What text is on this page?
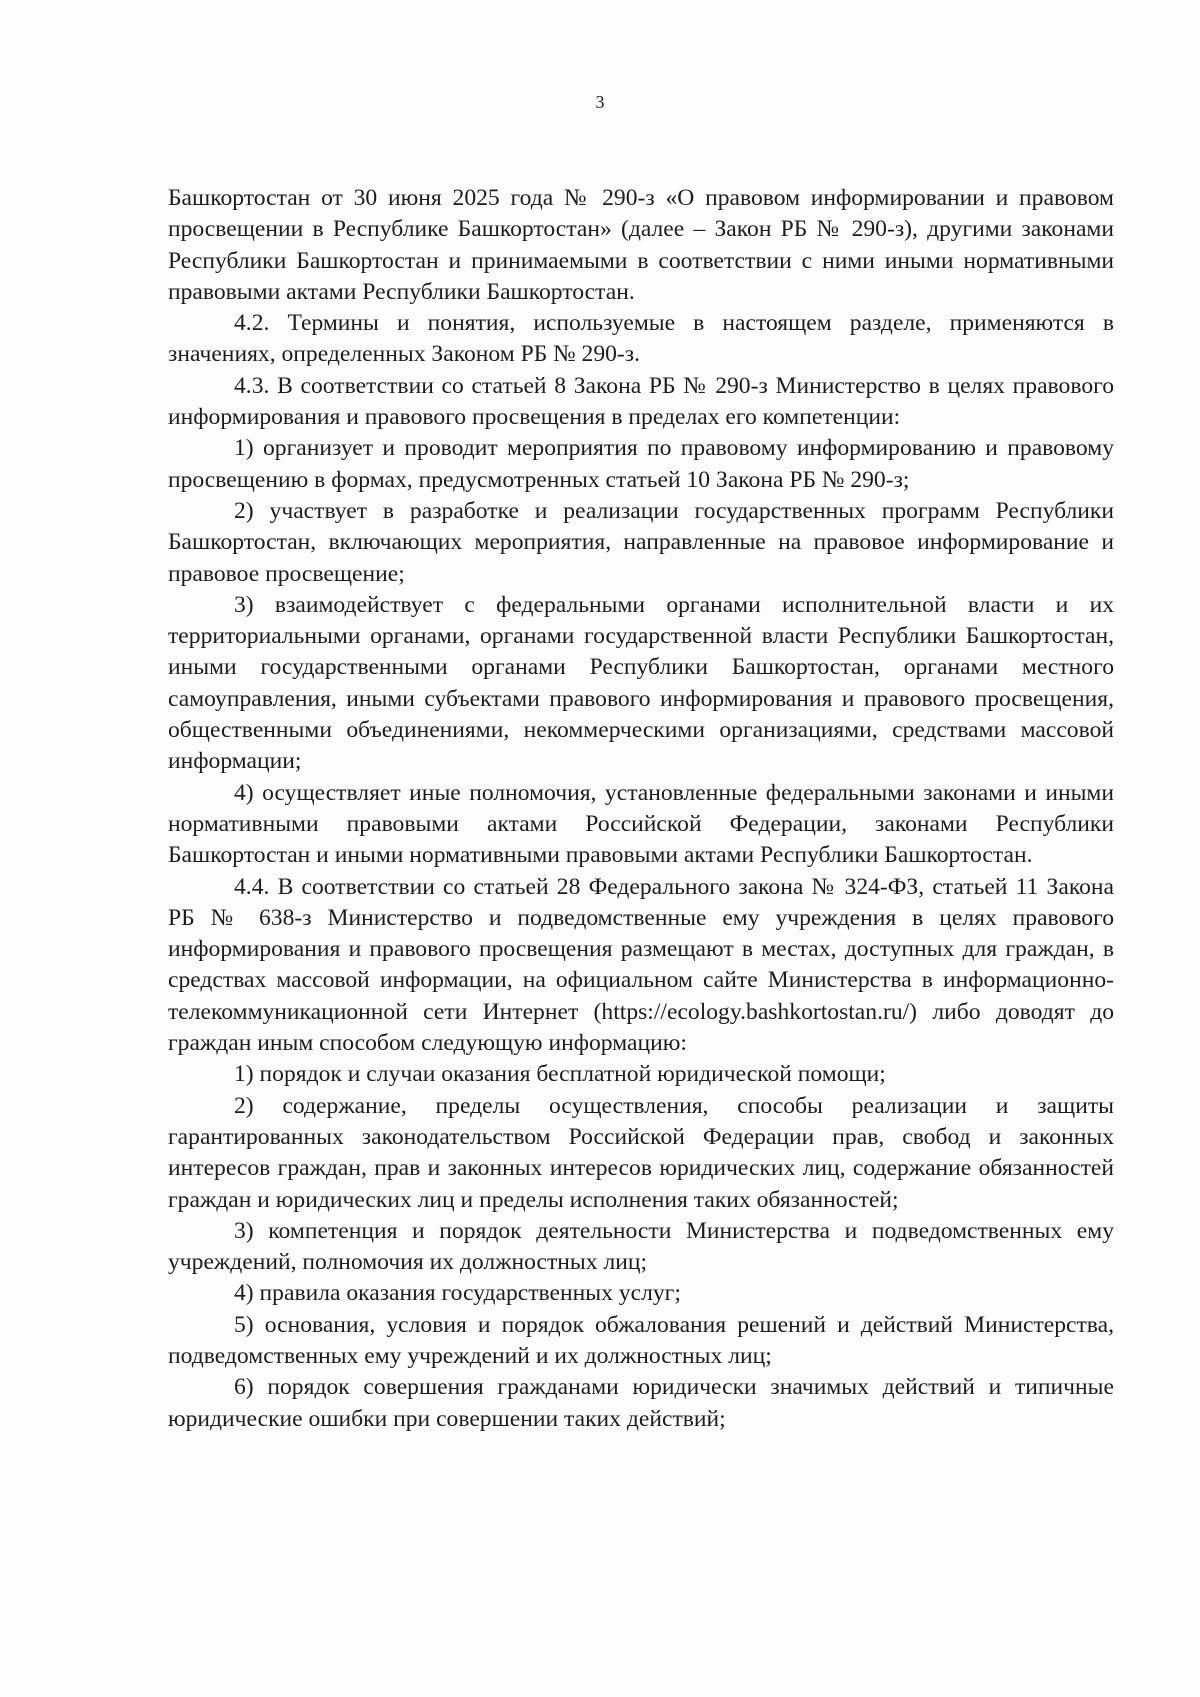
3

Башкортостан от 30 июня 2025 года № 290-з «О правовом информировании и правовом просвещении в Республике Башкортостан» (далее – Закон РБ № 290-з), другими законами Республики Башкортостан и принимаемыми в соответствии с ними иными нормативными правовыми актами Республики Башкортостан.

4.2. Термины и понятия, используемые в настоящем разделе, применяются в значениях, определенных Законом РБ № 290-з.

4.3. В соответствии со статьей 8 Закона РБ № 290-з Министерство в целях правового информирования и правового просвещения в пределах его компетенции:

1) организует и проводит мероприятия по правовому информированию и правовому просвещению в формах, предусмотренных статьей 10 Закона РБ № 290-з;

2) участвует в разработке и реализации государственных программ Республики Башкортостан, включающих мероприятия, направленные на правовое информирование и правовое просвещение;

3) взаимодействует с федеральными органами исполнительной власти и их территориальными органами, органами государственной власти Республики Башкортостан, иными государственными органами Республики Башкортостан, органами местного самоуправления, иными субъектами правового информирования и правового просвещения, общественными объединениями, некоммерческими организациями, средствами массовой информации;

4) осуществляет иные полномочия, установленные федеральными законами и иными нормативными правовыми актами Российской Федерации, законами Республики Башкортостан и иными нормативными правовыми актами Республики Башкортостан.

4.4. В соответствии со статьей 28 Федерального закона № 324-ФЗ, статьей 11 Закона РБ № 638-з Министерство и подведомственные ему учреждения в целях правового информирования и правового просвещения размещают в местах, доступных для граждан, в средствах массовой информации, на официальном сайте Министерства в информационно-телекоммуникационной сети Интернет (https://ecology.bashkortostan.ru/) либо доводят до граждан иным способом следующую информацию:

1) порядок и случаи оказания бесплатной юридической помощи;

2) содержание, пределы осуществления, способы реализации и защиты гарантированных законодательством Российской Федерации прав, свобод и законных интересов граждан, прав и законных интересов юридических лиц, содержание обязанностей граждан и юридических лиц и пределы исполнения таких обязанностей;

3) компетенция и порядок деятельности Министерства и подведомственных ему учреждений, полномочия их должностных лиц;

4) правила оказания государственных услуг;

5) основания, условия и порядок обжалования решений и действий Министерства, подведомственных ему учреждений и их должностных лиц;

6) порядок совершения гражданами юридически значимых действий и типичные юридические ошибки при совершении таких действий;
